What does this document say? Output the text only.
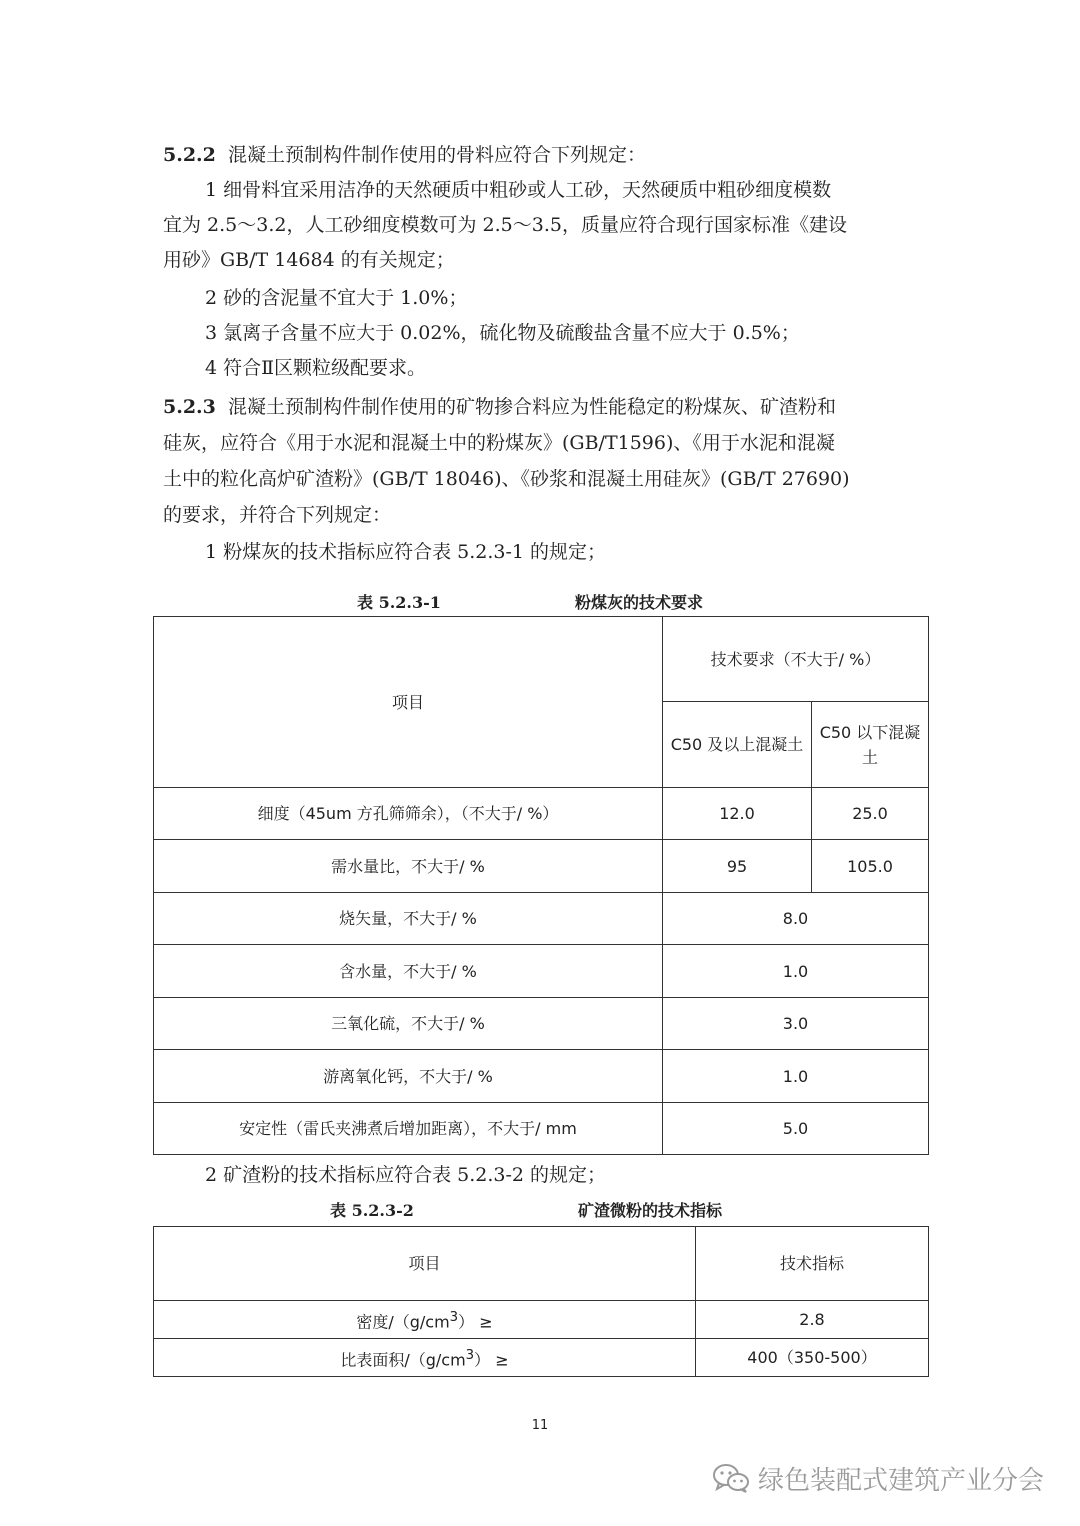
5.2.2 混凝土预制构件制作使用的骨料应符合下列规定：
1 细骨料宜采用洁净的天然硬质中粗砂或人工砂，天然硬质中粗砂细度模数
宜为 2.5～3.2，人工砂细度模数可为 2.5～3.5，质量应符合现行国家标准《建设
用砂》GB/T 14684 的有关规定；
2 砂的含泥量不宜大于 1.0%；
3 氯离子含量不应大于 0.02%，硫化物及硫酸盐含量不应大于 0.5%；
4 符合Ⅱ区颗粒级配要求。
5.2.3 混凝土预制构件制作使用的矿物掺合料应为性能稳定的粉煤灰、矿渣粉和
硅灰，应符合《用于水泥和混凝土中的粉煤灰》(GB/T1596)、《用于水泥和混凝
土中的粒化高炉矿渣粉》(GB/T 18046)、《砂浆和混凝土用硅灰》(GB/T 27690)
的要求，并符合下列规定：
1 粉煤灰的技术指标应符合表 5.2.3-1 的规定；
表 5.2.3-1	粉煤灰的技术要求
项目	技术要求（不大于/ %）	
	C50 及以上混凝土	C50 以下混凝土
细度（45um 方孔筛筛余），（不大于/ %）	12.0	25.0
需水量比，不大于/ %	95	105.0
烧矢量，不大于/ %	8.0	
含水量，不大于/ %	1.0	
三氧化硫，不大于/ %	3.0	
游离氧化钙，不大于/ %	1.0	
安定性（雷氏夹沸煮后增加距离），不大于/ mm	5.0	
2 矿渣粉的技术指标应符合表 5.2.3-2 的规定；
表 5.2.3-2	矿渣微粉的技术指标
项目	技术指标
密度$/(g/cm^3)$ ≥	2.8
比表面积$/(g/cm^3)$ ≥	400（350-500）
11
绿色装配式建筑产业分会
